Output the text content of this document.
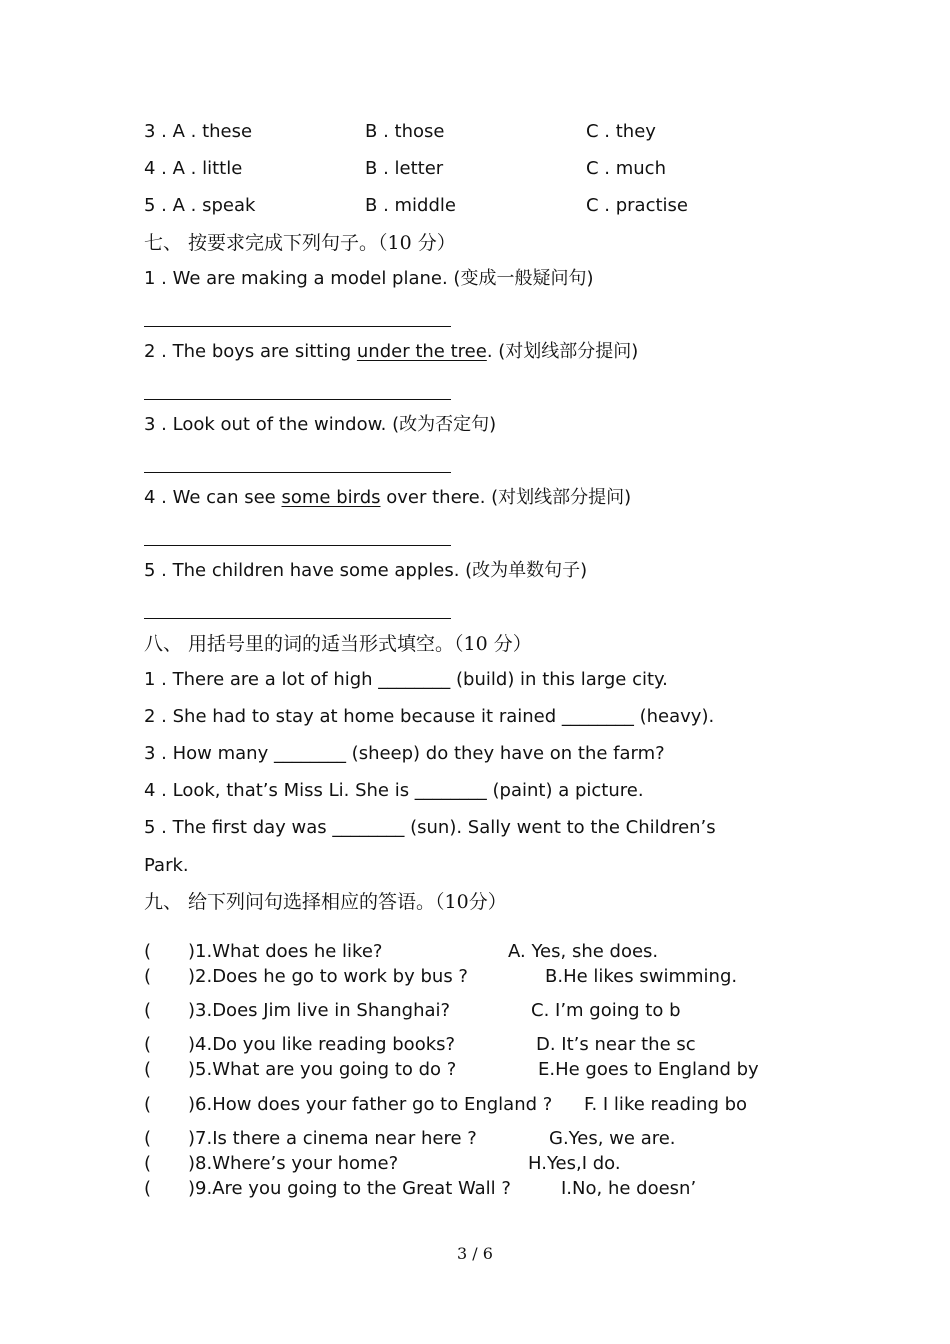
3 . A . these	B . those	C . they
4 . A . little	B . letter	C . much
5 . A . speak	B . middle	C . practise
七、 按要求完成下列句子。（10 分）
1 . We are making a model plane. (变成一般疑问句)
2 . The boys are sitting under the tree. (对划线部分提问)
3 . Look out of the window. (改为否定句)
4 . We can see some birds over there. (对划线部分提问)
5 . The children have some apples. (改为单数句子)
八、 用括号里的词的适当形式填空。（10 分）
1 . There are a lot of high ________ (build) in this large city.
2 . She had to stay at home because it rained ________ (heavy).
3 . How many ________ (sheep) do they have on the farm?
4 . Look, that’s Miss Li. She is ________ (paint) a picture.
5 . The first day was ________ (sun). Sally went to the Children’s
Park.
九、 给下列问句选择相应的答语。（10分）
( )1.What does he like?	A. Yes, she does.
( )2.Does he go to work by bus ?	B.He likes swimming.
( )3.Does Jim live in Shanghai?	C. I’m going to b
( )4.Do you like reading books?	D. It’s near the sc
( )5.What are you going to do ?	E.He goes to England by
( )6.How does your father go to England ? F. I like reading bo
( )7.Is there a cinema near here ?	G.Yes, we are.
( )8.Where’s your home?	H.Yes,I do.
( )9.Are you going to the Great Wall ?	I.No, he doesn’
3 / 6
